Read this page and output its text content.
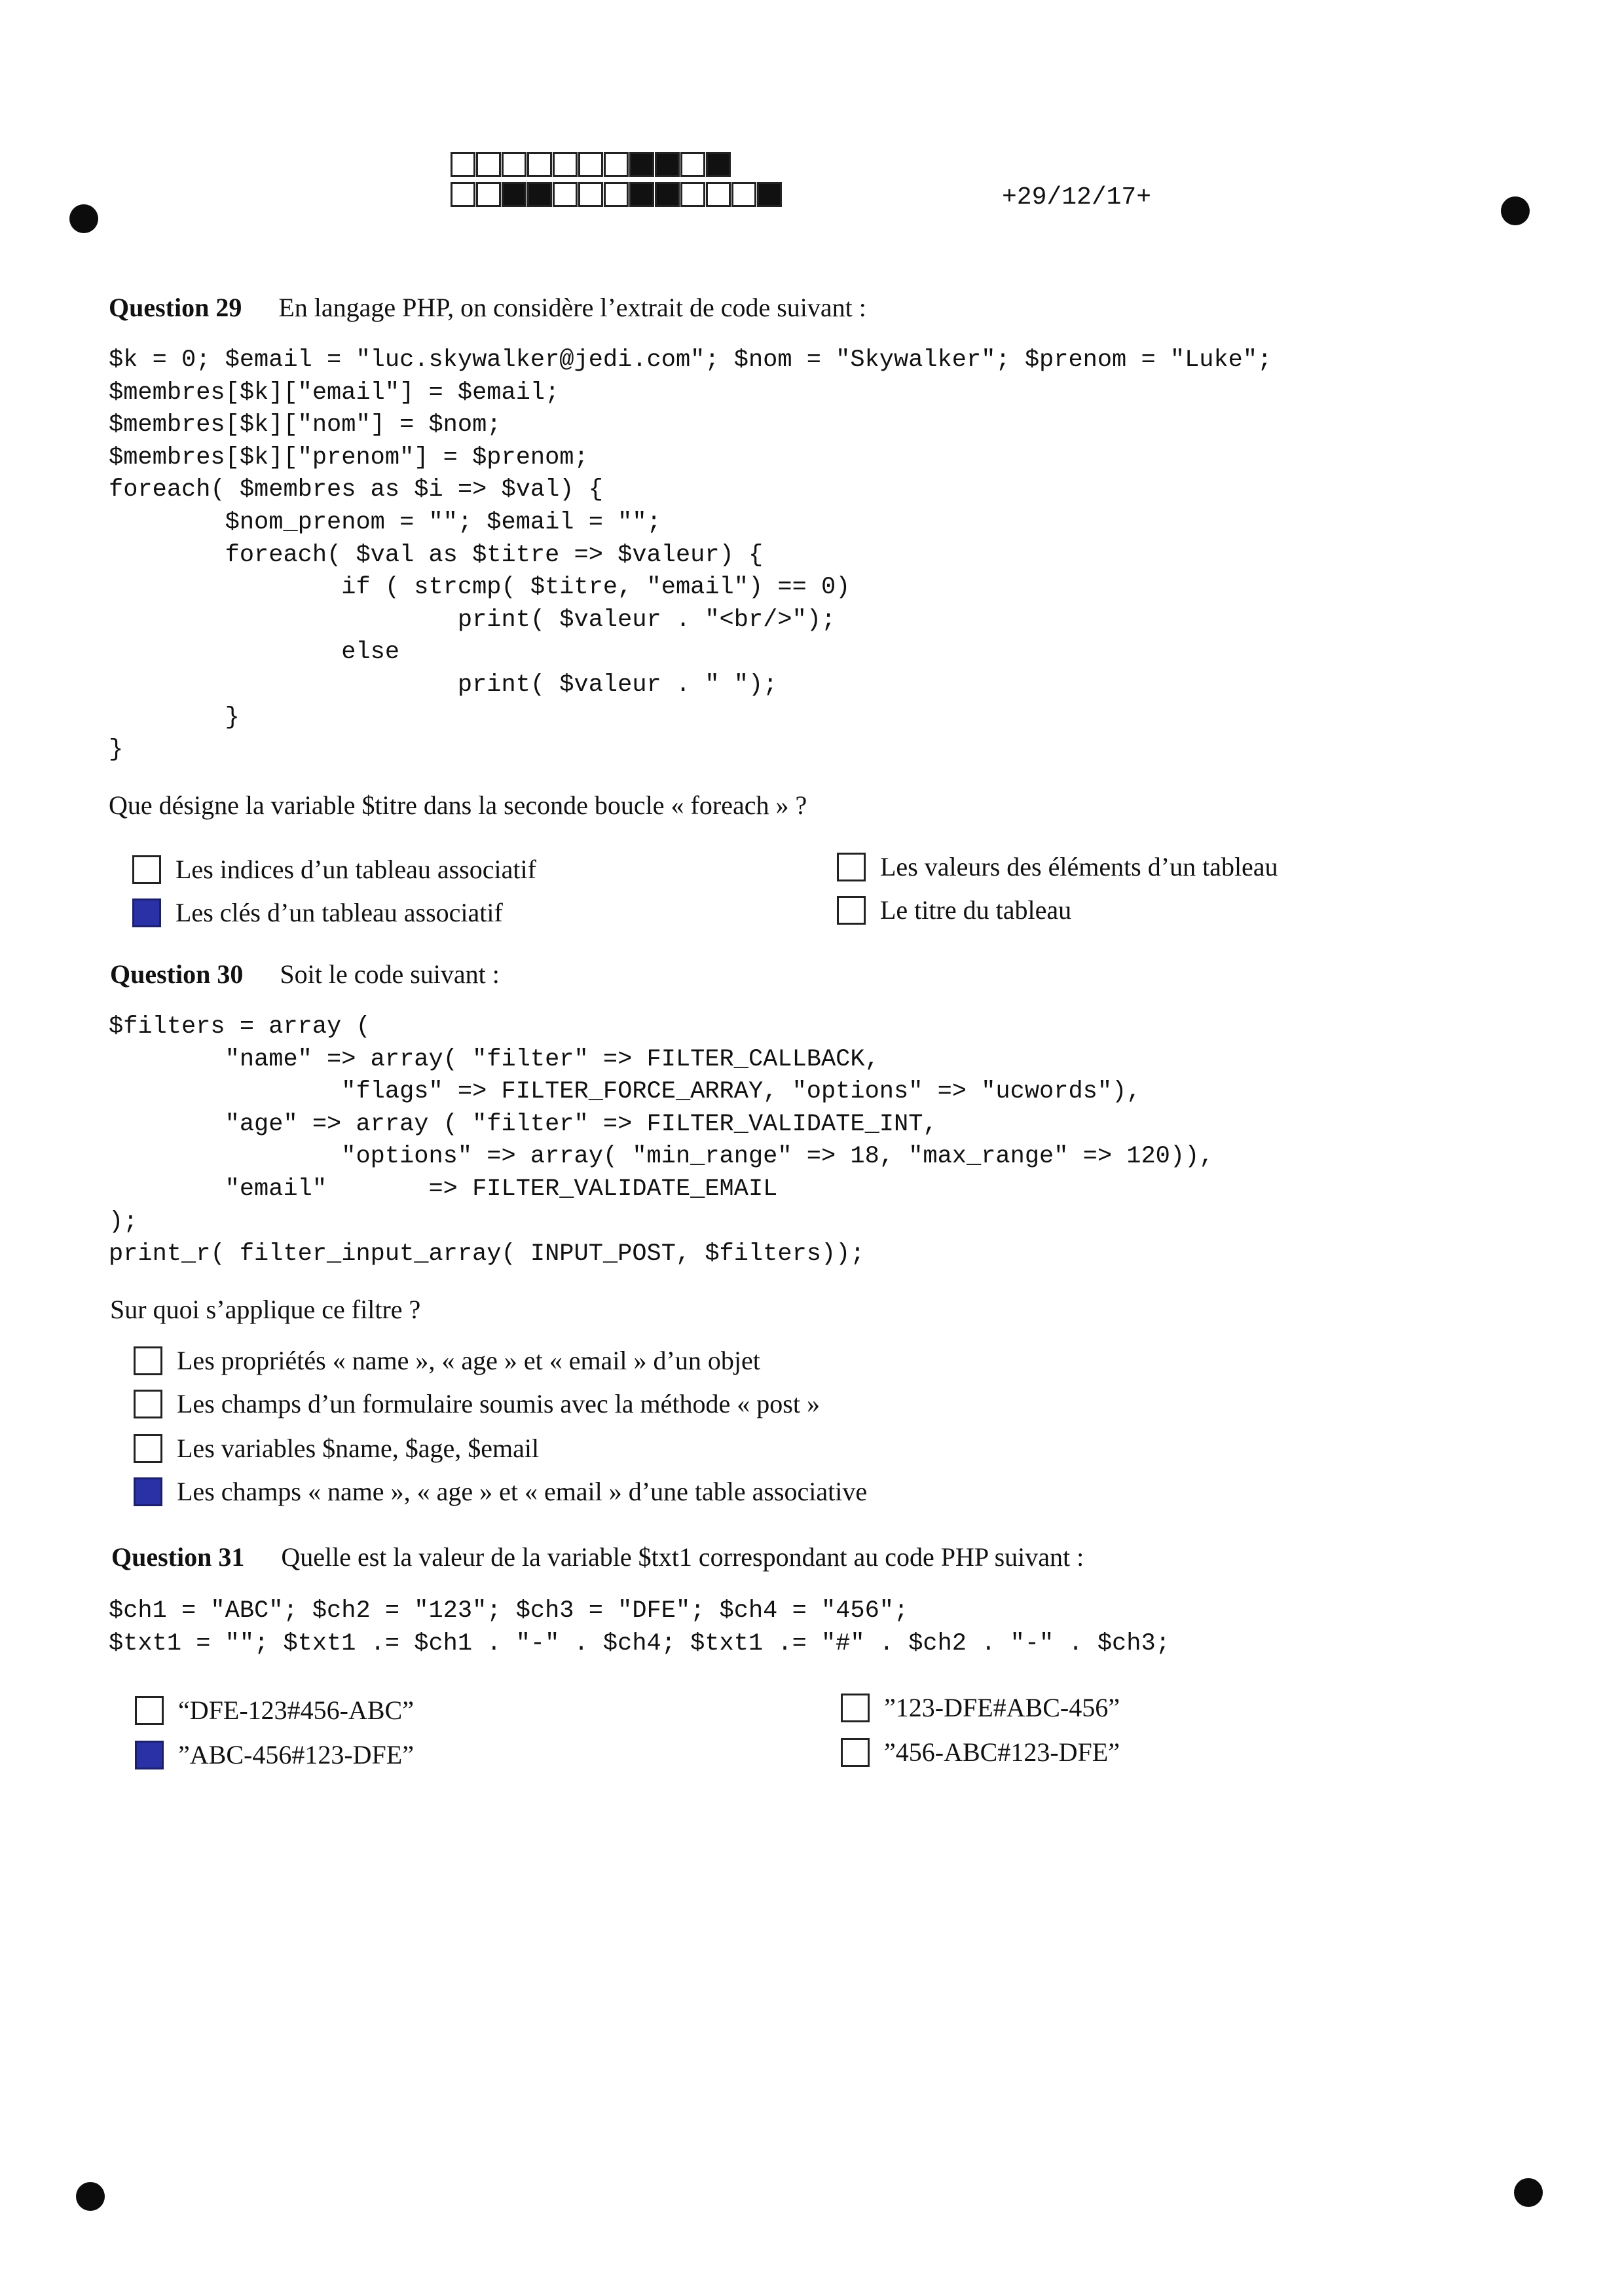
+29/12/17+
Question 29 En langage PHP, on considère l’extrait de code suivant :
$k = 0; $email = "luc.skywalker@jedi.com"; $nom = "Skywalker"; $prenom = "Luke";
$membres[$k]["email"] = $email;
$membres[$k]["nom"] = $nom;
$membres[$k]["prenom"] = $prenom;
foreach( $membres as $i => $val) {
$nom_prenom = ""; $email = "";
foreach( $val as $titre => $valeur) {
if ( strcmp( $titre, "email") == 0)
print( $valeur . "<br/>");
else
print( $valeur . " ");
}
}
Que désigne la variable $titre dans la seconde boucle « foreach » ?
Les indices d’un tableau associatif
Les clés d’un tableau associatif
Les valeurs des éléments d’un tableau
Le titre du tableau
Question 30 Soit le code suivant :
$filters = array (
"name" => array( "filter" => FILTER_CALLBACK,
"flags" => FILTER_FORCE_ARRAY, "options" => "ucwords"),
"age" => array ( "filter" => FILTER_VALIDATE_INT,
"options" => array( "min_range" => 18, "max_range" => 120)),
"email"       => FILTER_VALIDATE_EMAIL
);
print_r( filter_input_array( INPUT_POST, $filters));
Sur quoi s’applique ce filtre ?
Les propriétés « name », « age » et « email » d’un objet
Les champs d’un formulaire soumis avec la méthode « post »
Les variables $name, $age, $email
Les champs « name », « age » et « email » d’une table associative
Question 31 Quelle est la valeur de la variable $txt1 correspondant au code PHP suivant :
$ch1 = "ABC"; $ch2 = "123"; $ch3 = "DFE"; $ch4 = "456";
$txt1 = ""; $txt1 .= $ch1 . "-" . $ch4; $txt1 .= "#" . $ch2 . "-" . $ch3;
“DFE-123#456-ABC”
”ABC-456#123-DFE”
”123-DFE#ABC-456”
”456-ABC#123-DFE”
